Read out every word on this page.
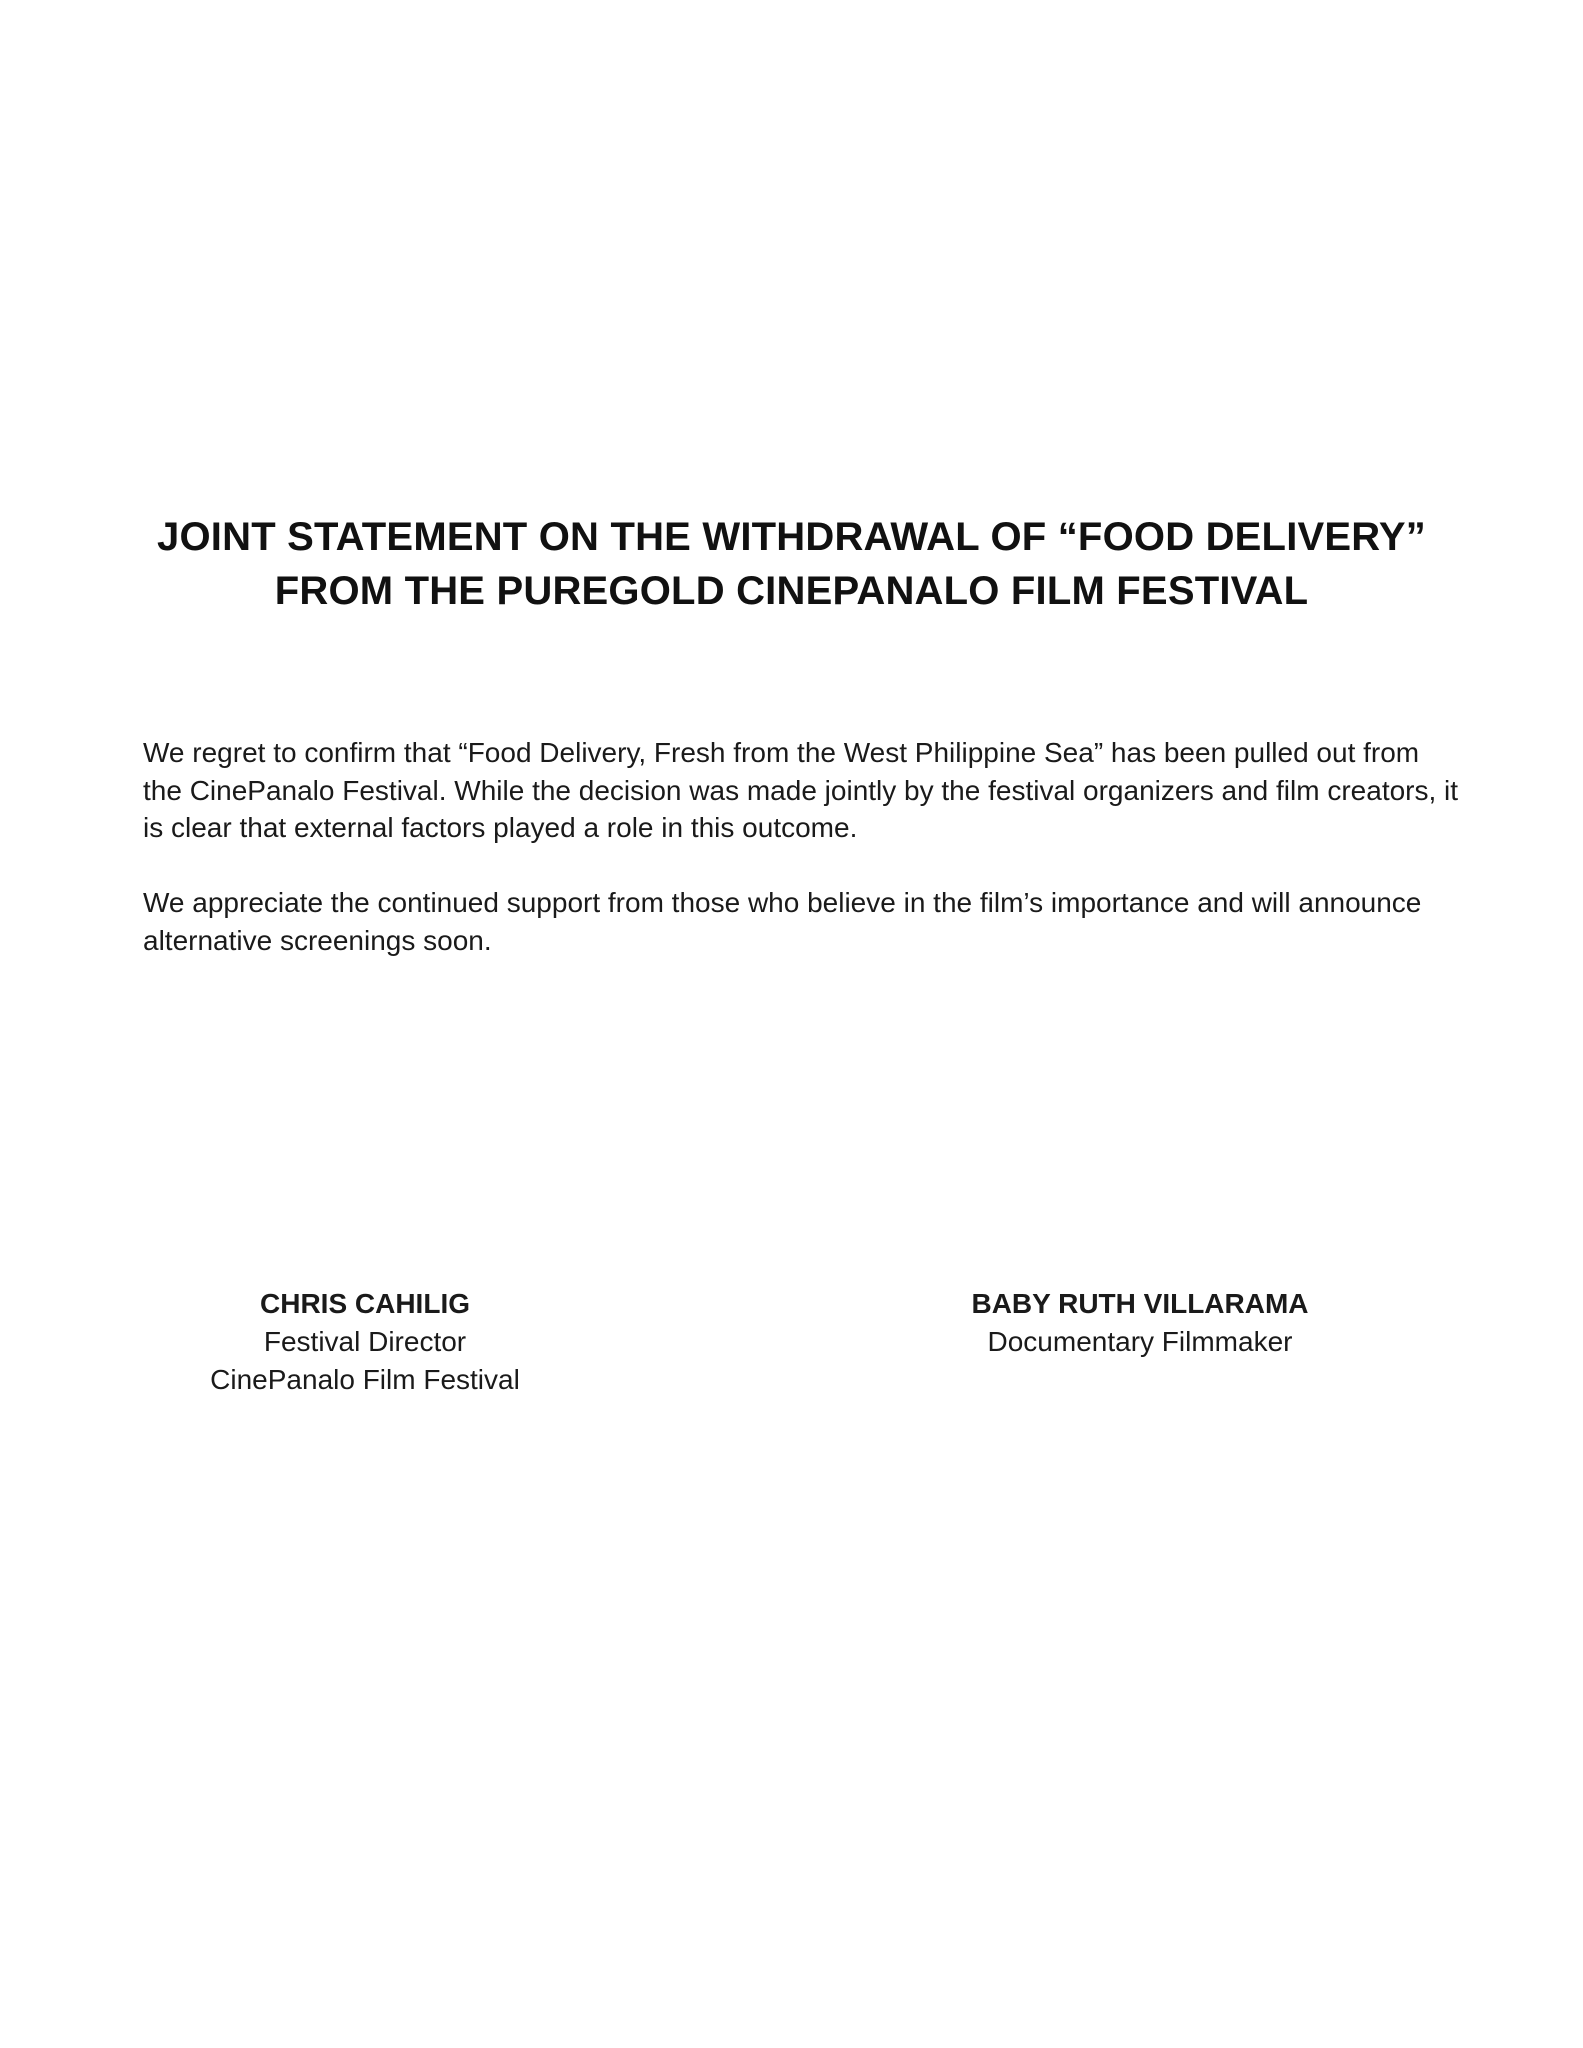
JOINT STATEMENT ON THE WITHDRAWAL OF “FOOD DELIVERY”
FROM THE PUREGOLD CINEPANALO FILM FESTIVAL

We regret to confirm that “Food Delivery, Fresh from the West Philippine Sea” has been pulled out from the CinePanalo Festival. While the decision was made jointly by the festival organizers and film creators, it is clear that external factors played a role in this outcome.

We appreciate the continued support from those who believe in the film’s importance and will announce alternative screenings soon.

CHRIS CAHILIG
Festival Director
CinePanalo Film Festival
BABY RUTH VILLARAMA
Documentary Filmmaker
